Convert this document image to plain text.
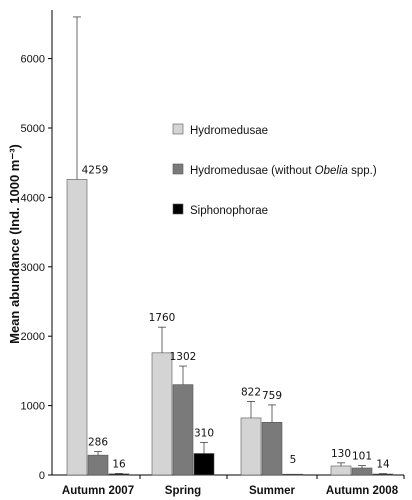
0
1000
2000
3000
4000
5000
6000
Autumn 2007	Spring	Summer	Autumn 2008
4259
1760
822
130
286
1302
759
101
16
310
5	14
Hydromedusae
Hydromedusae (without Obelia spp.)
Siphonophorae
Mean abundance (Ind. 1000 m⁻³)
